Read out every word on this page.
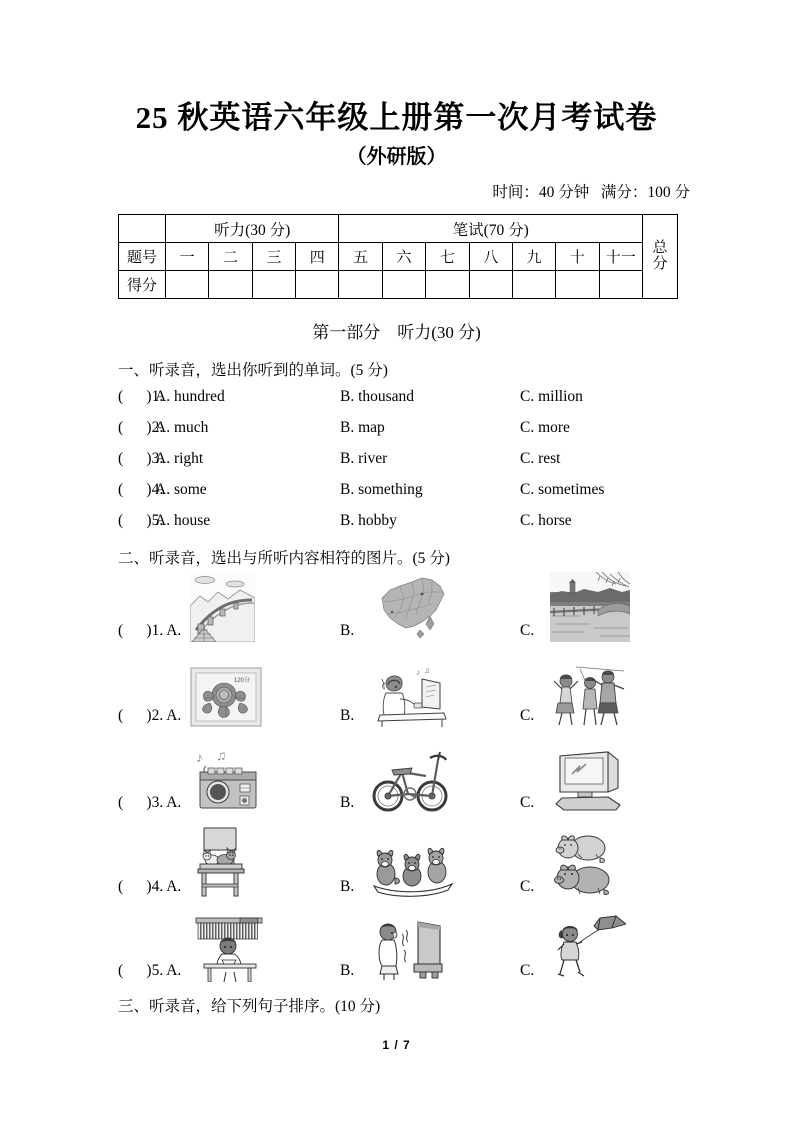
25 秋英语六年级上册第一次月考试卷
（外研版）
时间：40 分钟   满分：100 分
	听力(30 分)				笔试(70 分)							总
分
题号	一	二	三	四	五	六	七	八	九	十	十一	
得分												
第一部分　听力(30 分)
一、听录音，选出你听到的单词。(5 分)
(      )1.
A. hundred	B. thousand	C. million
(      )2.
A. much	B. map	C. more
(      )3.
A. right	B. river	C. rest
(      )4.
A. some	B. something	C. sometimes
(      )5.
A. house	B. hobby	C. horse
二、听录音，选出与所听内容相符的图片。(5 分)
(      )1. A.	B.	C.
(      )2. A.	B.	C.
120分
♪ ♫
(      )3. A.	B.	C.
♪ ♫
(      )4. A.	B.	C.
(      )5. A.	B.	C.
三、听录音，给下列句子排序。(10 分)
1 / 7
